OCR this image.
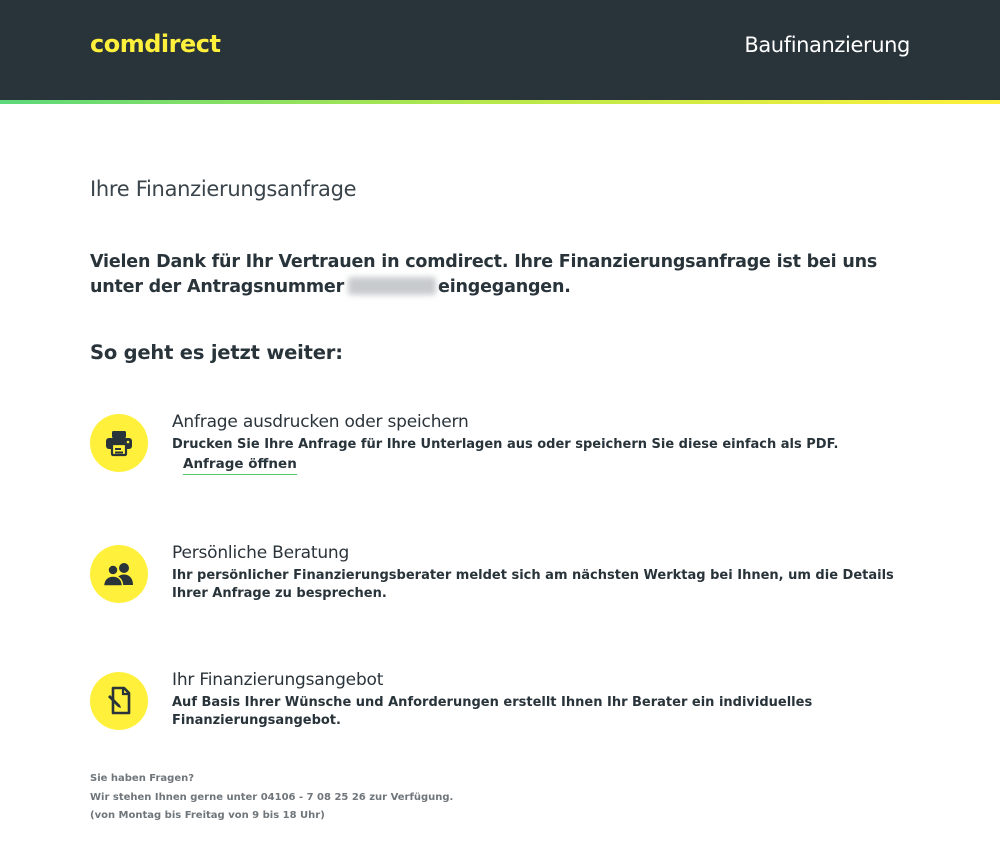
comdirect	Baufinanzierung
Ihre Finanzierungsanfrage

Vielen Dank für Ihr Vertrauen in comdirect. Ihre Finanzierungsanfrage ist bei uns unter der Antragsnummer	eingegangen.

So geht es jetzt weiter:
Anfrage ausdrucken oder speichern
Drucken Sie Ihre Anfrage für Ihre Unterlagen aus oder speichern Sie diese einfach als PDF.
Anfrage öffnen
Persönliche Beratung
Ihr persönlicher Finanzierungsberater meldet sich am nächsten Werktag bei Ihnen, um die Details Ihrer Anfrage zu besprechen.
Ihr Finanzierungsangebot
Auf Basis Ihrer Wünsche und Anforderungen erstellt Ihnen Ihr Berater ein individuelles Finanzierungsangebot.
Sie haben Fragen?
Wir stehen Ihnen gerne unter 04106 - 7 08 25 26 zur Verfügung.
(von Montag bis Freitag von 9 bis 18 Uhr)
